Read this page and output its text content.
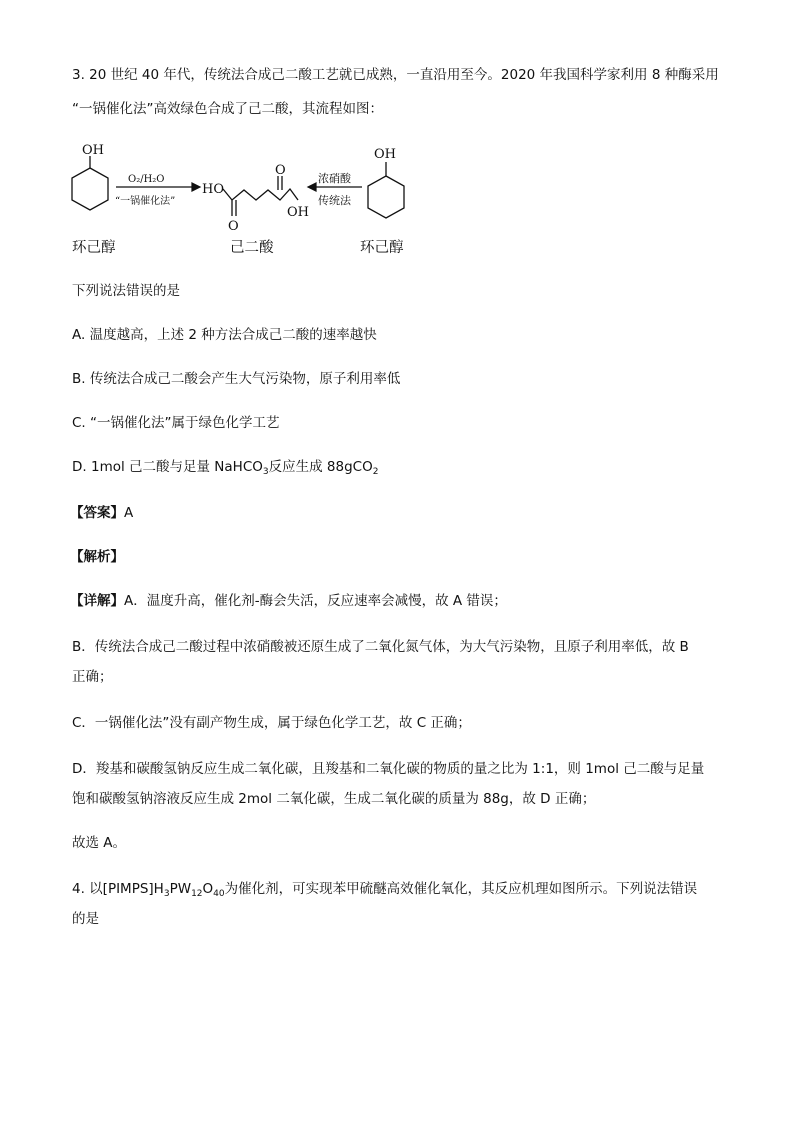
3. 20 世纪 40 年代，传统法合成己二酸工艺就已成熟，一直沿用至今。2020 年我国科学家利用 8 种酶采用
“一锅催化法”高效绿色合成了己二酸，其流程如图：
OH
O₂/H₂O
“一锅催化法”
HO
O
O
OH
浓硝酸
传统法
OH
环己醇	己二酸	环己醇
下列说法错误的是
A. 温度越高，上述 2 种方法合成己二酸的速率越快
B. 传统法合成己二酸会产生大气污染物，原子利用率低
C. “一锅催化法”属于绿色化学工艺
D. 1mol 己二酸与足量 NaHCO$_3$反应生成 88gCO$_2$
【答案】A
【解析】
【详解】A．温度升高，催化剂-酶会失活，反应速率会减慢，故 A 错误；
B．传统法合成己二酸过程中浓硝酸被还原生成了二氧化氮气体，为大气污染物，且原子利用率低，故 B
正确；
C．一锅催化法”没有副产物生成，属于绿色化学工艺，故 C 正确；
D．羧基和碳酸氢钠反应生成二氧化碳，且羧基和二氧化碳的物质的量之比为 1:1，则 1mol 己二酸与足量
饱和碳酸氢钠溶液反应生成 2mol 二氧化碳，生成二氧化碳的质量为 88g，故 D 正确；
故选 A。
4. 以$[PIMPS]H_3PW_{12}O_{40}$为催化剂，可实现苯甲硫醚高效催化氧化，其反应机理如图所示。下列说法错误
的是
